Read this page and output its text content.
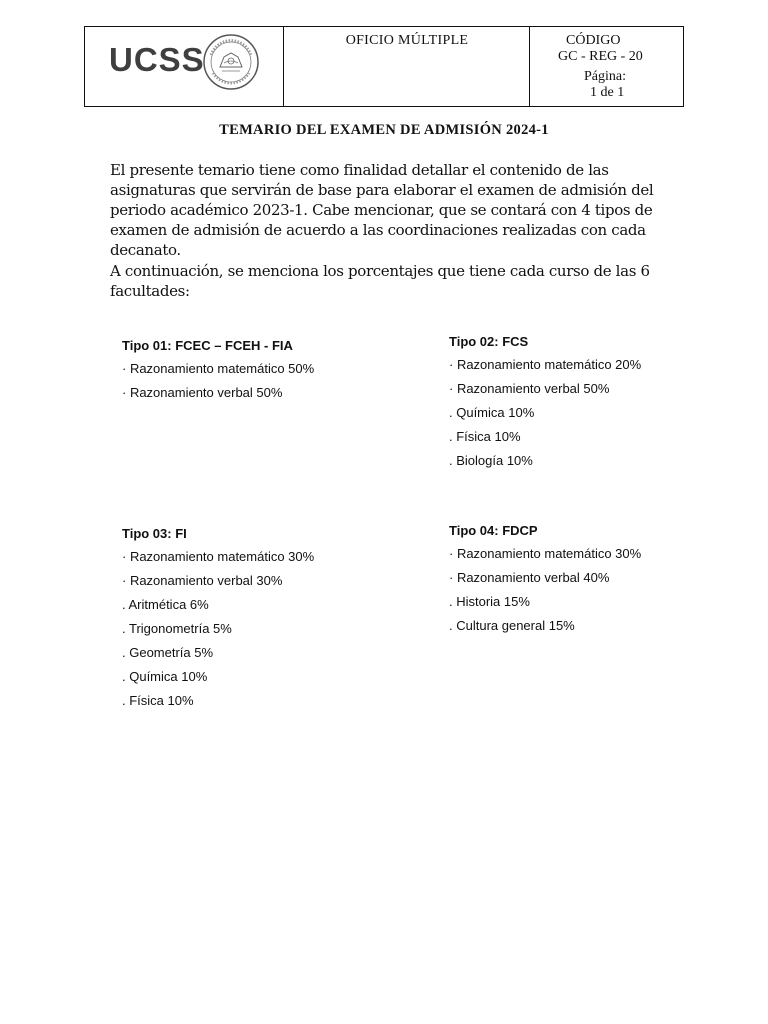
UCSS
OFICIO MÚLTIPLE	CÓDIGO
GC - REG - 20
Página:
1 de 1
TEMARIO DEL EXAMEN DE ADMISIÓN 2024-1

El presente temario tiene como finalidad detallar el contenido de las asignaturas que servirán de base para elaborar el examen de admisión del periodo académico 2023-1. Cabe mencionar, que se contará con 4 tipos de examen de admisión de acuerdo a las coordinaciones realizadas con cada decanato.

A continuación, se menciona los porcentajes que tiene cada curso de las 6 facultades:

Tipo 01: FCEC – FCEH - FIA
· Razonamiento matemático 50%
· Razonamiento verbal 50%
Tipo 02: FCS
· Razonamiento matemático 20%
· Razonamiento verbal 50%
. Química 10%
. Física 10%
. Biología 10%
Tipo 03: FI
· Razonamiento matemático 30%
· Razonamiento verbal 30%
. Aritmética 6%
. Trigonometría 5%
. Geometría 5%
. Química 10%
. Física 10%
Tipo 04: FDCP
· Razonamiento matemático 30%
· Razonamiento verbal 40%
. Historia 15%
. Cultura general 15%
